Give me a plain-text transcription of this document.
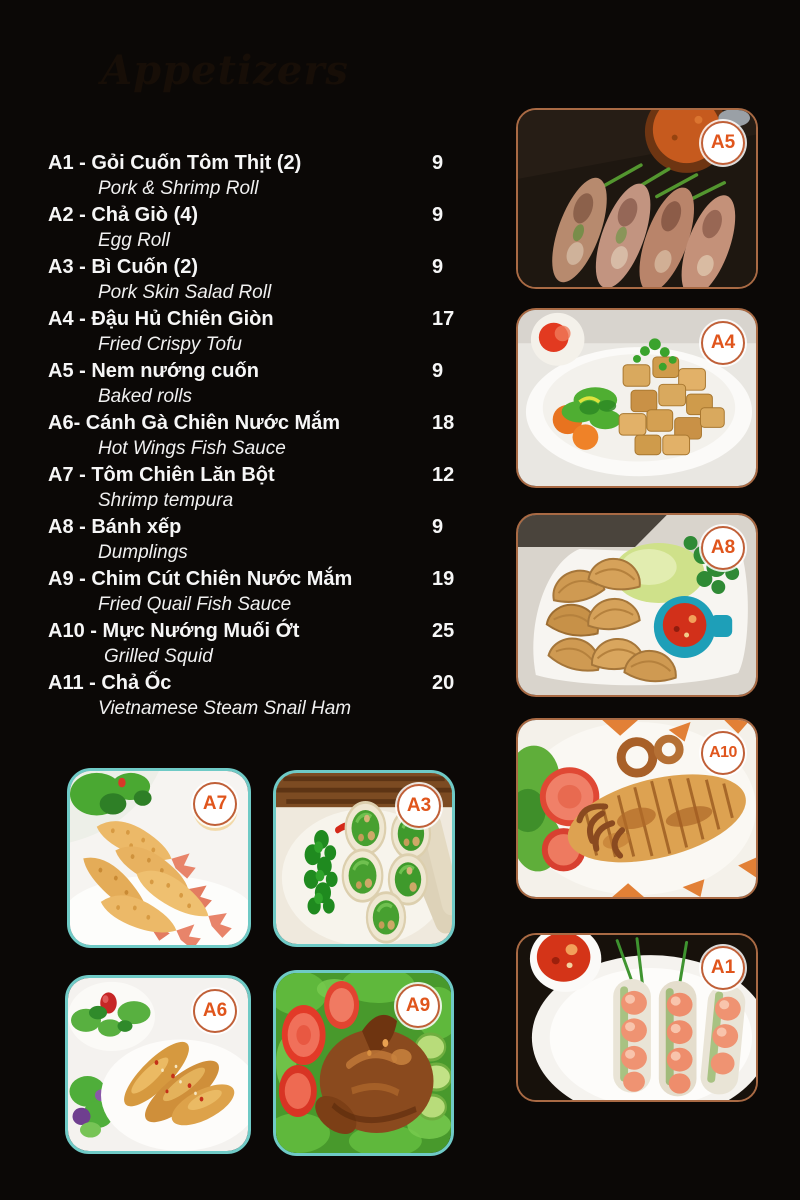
Appetizers
A1 - Gỏi Cuốn Tôm Thịt (2)	9
Pork & Shrimp Roll
A2 - Chả Giò (4)	9
Egg Roll
A3 - Bì Cuốn (2)	9
Pork Skin Salad Roll
A4 - Đậu Hủ Chiên Giòn	17
Fried Crispy Tofu
A5 - Nem nướng cuốn	9
Baked rolls
A6- Cánh Gà Chiên Nước Mắm	18
Hot Wings Fish Sauce
A7 - Tôm Chiên Lăn Bột	12
Shrimp tempura
A8 - Bánh xếp	9
Dumplings
A9 - Chim Cút Chiên Nước Mắm	19
Fried Quail Fish Sauce
A10 - Mực Nướng Muối Ớt	25
Grilled Squid
A11 - Chả Ốc	20
Vietnamese Steam Snail Ham
A5
A4
A8
A10
A1
A7	A3
A6	A9
